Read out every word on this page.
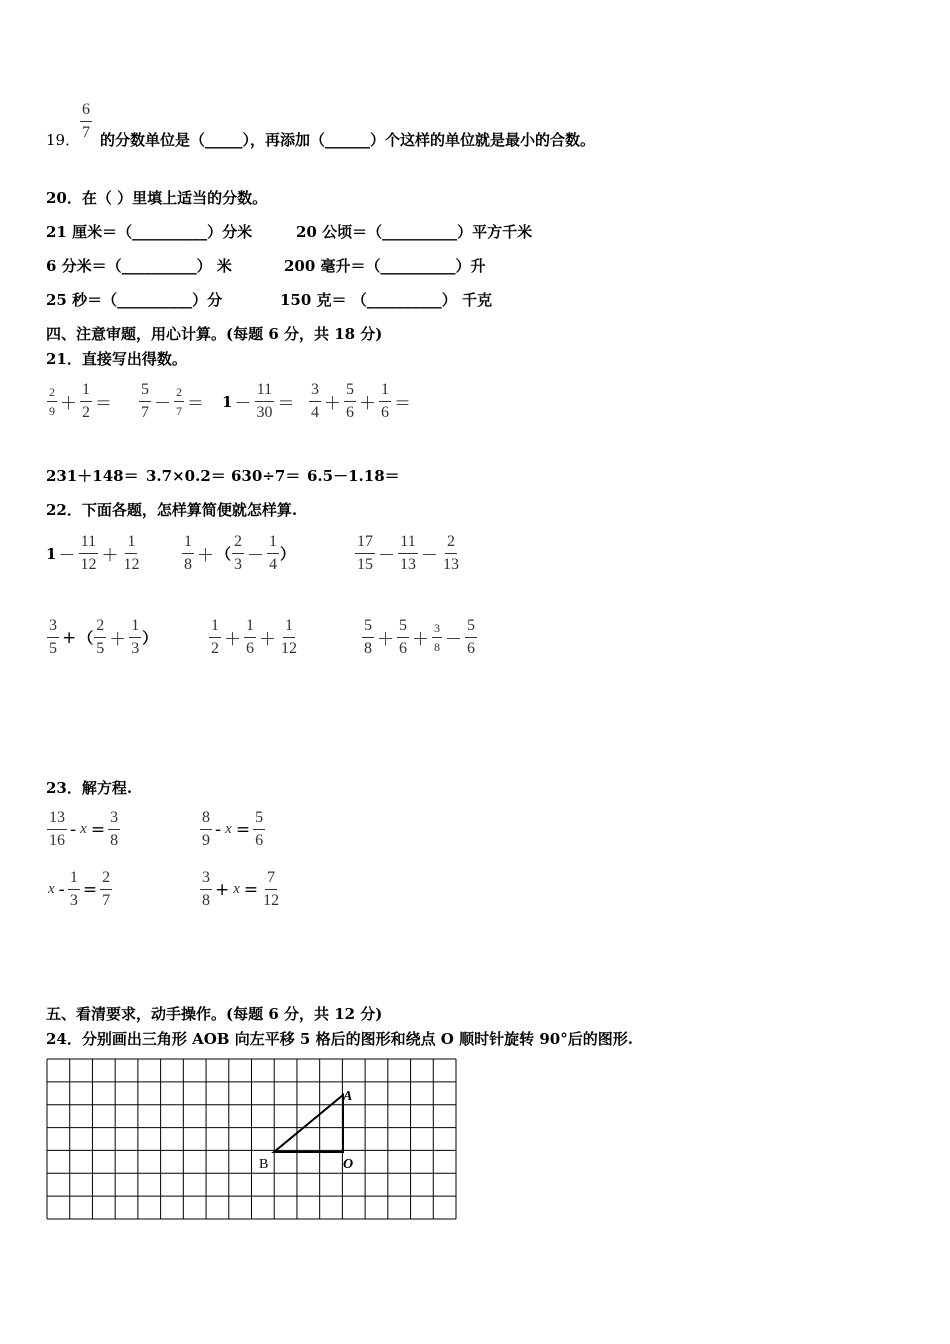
19． $\frac{6}{7}$ 的分数单位是（_____），再添加（______）个这样的单位就是最小的合数。
20．在（ ）里填上适当的分数。
21 厘米＝（__________）分米	20 公顷＝（__________）平方千米
6 分米＝（__________） 米	200 毫升＝（__________）升
25 秒＝（__________）分	150 克＝ （__________） 千克
四、注意审题，用心计算。(每题 6 分，共 18 分)
21．直接写出得数。
$\frac{2}{9} + \frac{1}{2} = \frac{5}{7} - \frac{2}{7} = 1 - \frac{11}{30} = \frac{3}{4} + \frac{5}{6} + \frac{1}{6}$ ＝
231＋148＝ 3.7×0.2＝ 630÷7＝ 6.5－1.18＝
22．下面各题，怎样算简便就怎样算.
$1 - \frac{11}{12} + \frac{1}{12}$	$\frac{1}{8}$ ＋ （ $\frac{2}{3} - \frac{1}{4}$ ）	$\frac{17}{15} - \frac{11}{13} - \frac{2}{13}$
$\frac{3}{5}$ + （ $\frac{2}{5} + \frac{1}{3}$ ）	$\frac{1}{2} + \frac{1}{6} + \frac{1}{12}$	$\frac{5}{8} + \frac{5}{6} + \frac{3}{8} - \frac{5}{6}$
23．解方程.
$\frac{13}{16} - x = \frac{3}{8}$	$\frac{8}{9} - x = \frac{5}{6}$
$x - \frac{1}{3} = \frac{2}{7}$	$\frac{3}{8} + x = \frac{7}{12}$
五、看清要求，动手操作。(每题 6 分，共 12 分)
24．分别画出三角形 AOB 向左平移 5 格后的图形和绕点 O 顺时针旋转 90°后的图形.
B	O
A
